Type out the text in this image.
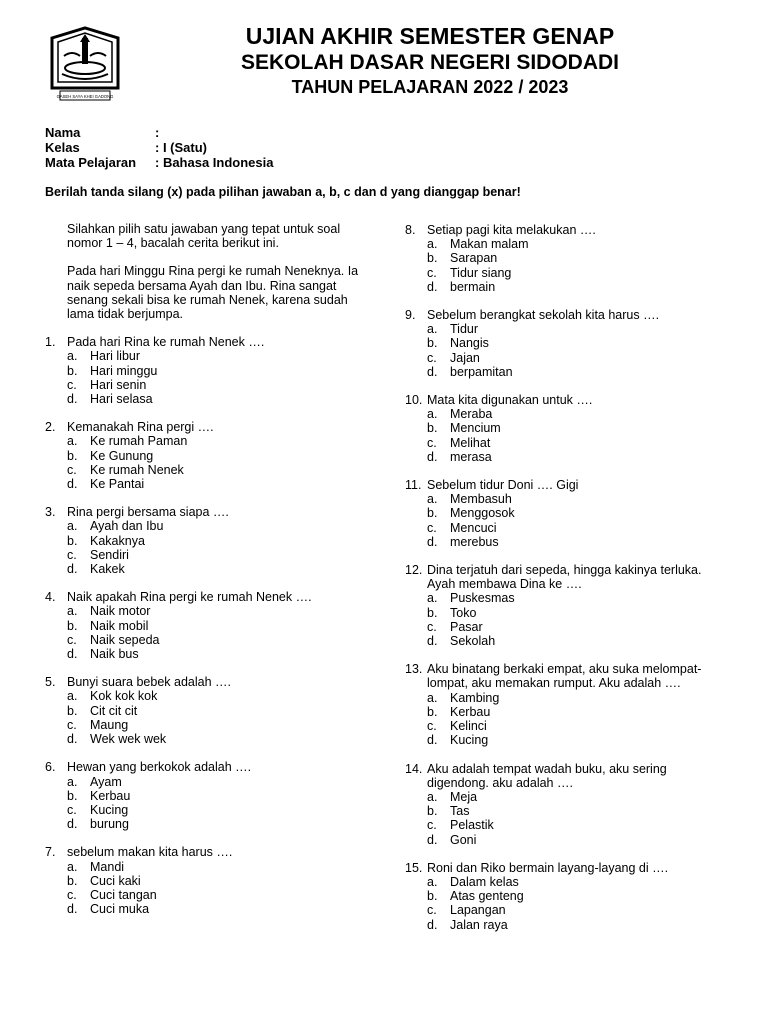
GASEH SAYA KHEI GADONG
UJIAN AKHIR SEMESTER GENAP
SEKOLAH DASAR NEGERI SIDODADI
TAHUN PELAJARAN 2022 / 2023
Nama	:
Kelas	: I (Satu)
Mata Pelajaran	: Bahasa Indonesia
Berilah tanda silang (x) pada pilihan jawaban a, b, c dan d yang dianggap benar!
Silahkan pilih satu jawaban yang tepat untuk soal nomor 1 – 4, bacalah cerita berikut ini.
Pada hari Minggu Rina pergi ke rumah Neneknya. Ia naik sepeda bersama Ayah dan Ibu. Rina sangat senang sekali bisa ke rumah Nenek, karena sudah lama tidak berjumpa.
1. Pada hari Rina ke rumah Nenek ….
a.	Hari libur
b.	Hari minggu
c.	Hari senin
d.	Hari selasa
2. Kemanakah Rina pergi ….
a.	Ke rumah Paman
b.	Ke Gunung
c.	Ke rumah Nenek
d.	Ke Pantai
3. Rina pergi bersama siapa ….
a.	Ayah dan Ibu
b.	Kakaknya
c.	Sendiri
d.	Kakek
4. Naik apakah Rina pergi ke rumah Nenek ….
a.	Naik motor
b.	Naik mobil
c.	Naik sepeda
d.	Naik bus
5. Bunyi suara bebek adalah ….
a.	Kok kok kok
b.	Cit cit cit
c.	Maung
d.	Wek wek wek
6. Hewan yang berkokok adalah ….
a.	Ayam
b.	Kerbau
c.	Kucing
d.	burung
7. sebelum makan kita harus ….
a.	Mandi
b.	Cuci kaki
c.	Cuci tangan
d.	Cuci muka
8. Setiap pagi kita melakukan ….
a.	Makan malam
b.	Sarapan
c.	Tidur siang
d.	bermain
9. Sebelum berangkat sekolah kita harus ….
a.	Tidur
b.	Nangis
c.	Jajan
d.	berpamitan
10. Mata kita digunakan untuk ….
a.	Meraba
b.	Mencium
c.	Melihat
d.	merasa
11. Sebelum tidur Doni …. Gigi
a.	Membasuh
b.	Menggosok
c.	Mencuci
d.	merebus
12. Dina terjatuh dari sepeda, hingga kakinya terluka. Ayah membawa Dina ke ….
a.	Puskesmas
b.	Toko
c.	Pasar
d.	Sekolah
13. Aku binatang berkaki empat, aku suka melompat-lompat, aku memakan rumput. Aku adalah ….
a.	Kambing
b.	Kerbau
c.	Kelinci
d.	Kucing
14. Aku adalah tempat wadah buku, aku sering digendong. aku adalah ….
a.	Meja
b.	Tas
c.	Pelastik
d.	Goni
15. Roni dan Riko bermain layang-layang di ….
a.	Dalam kelas
b.	Atas genteng
c.	Lapangan
d.	Jalan raya
